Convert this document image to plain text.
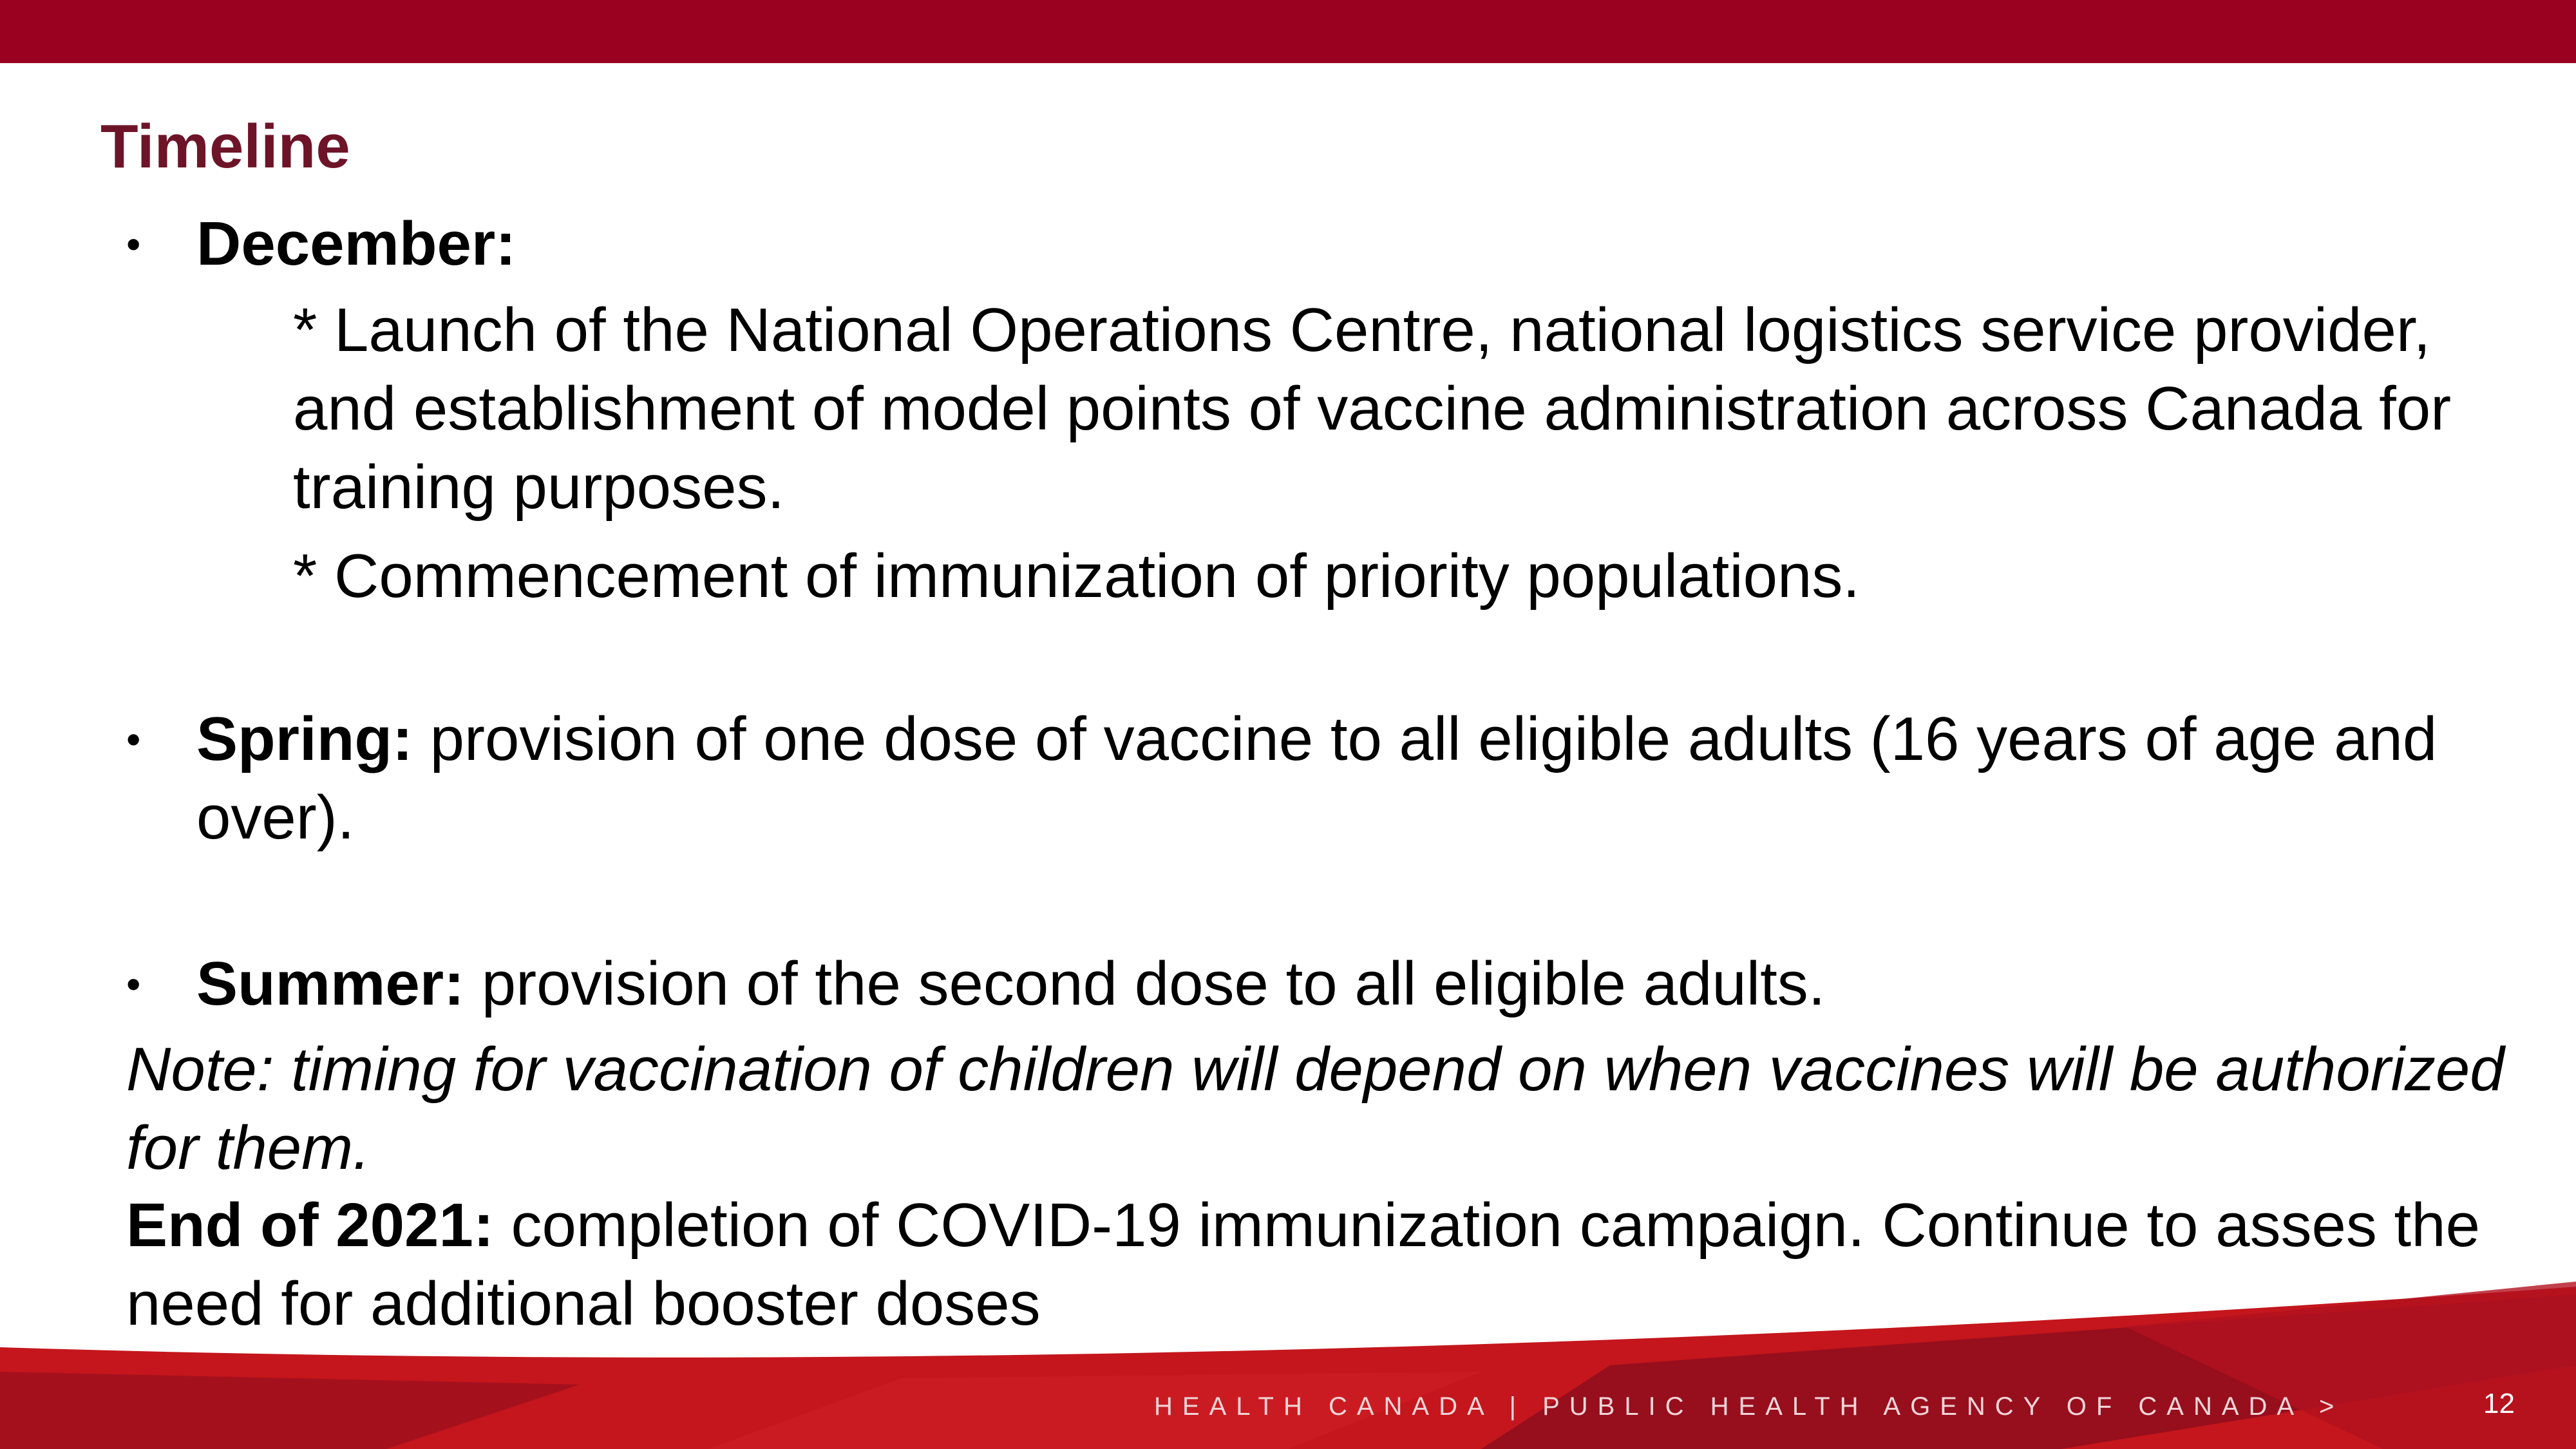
Timeline
• December:
* Launch of the National Operations Centre, national logistics service provider, and establishment of model points of vaccine administration across Canada for training purposes.
* Commencement of immunization of priority populations.
• Spring: provision of one dose of vaccine to all eligible adults (16 years of age and over).
• Summer: provision of the second dose to all eligible adults.
Note: timing for vaccination of children will depend on when vaccines will be authorized for them.
End of 2021: completion of COVID-19 immunization campaign. Continue to asses the need for additional booster doses
HEALTH CANADA | PUBLIC HEALTH AGENCY OF CANADA >	12
